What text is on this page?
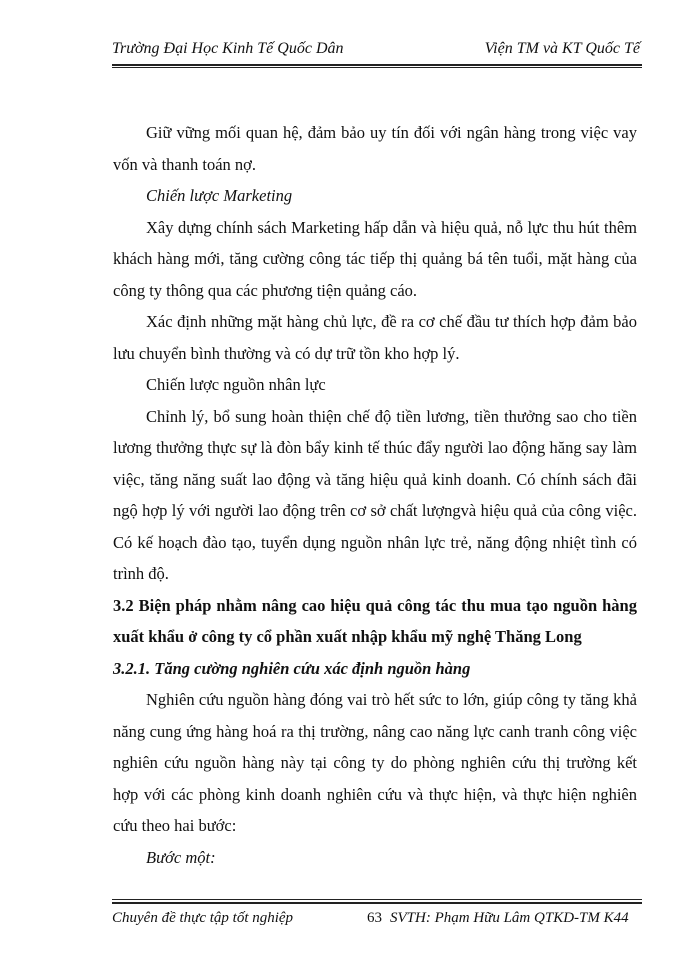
Trường Đại Học Kinh Tế Quốc Dân	Viện TM và KT Quốc Tế

Giữ vững mối quan hệ, đảm bảo uy tín đối với ngân hàng trong việc vay vốn và thanh toán nợ.

Chiến lược Marketing

Xây dựng chính sách Marketing hấp dẫn và hiệu quả, nỗ lực thu hút thêm khách hàng mới, tăng cường công tác tiếp thị quảng bá tên tuổi, mặt hàng của công ty thông qua các phương tiện quảng cáo.

Xác định những mặt hàng chủ lực, đề ra cơ chế đầu tư thích hợp đảm bảo lưu chuyển bình thường và có dự trữ tồn kho hợp lý.

Chiến lược nguồn nhân lực

Chỉnh lý, bổ sung hoàn thiện chế độ tiền lương, tiền thưởng sao cho tiền lương thưởng thực sự là đòn bẩy kinh tế thúc đẩy người lao động hăng say làm việc, tăng năng suất lao động và tăng hiệu quả kinh doanh. Có chính sách đãi ngộ hợp lý với người lao động trên cơ sở chất lượngvà hiệu quả của công việc. Có kế hoạch đào tạo, tuyển dụng nguồn nhân lực trẻ, năng động nhiệt tình có trình độ.

3.2 Biện pháp nhằm nâng cao hiệu quả công tác thu mua tạo nguồn hàng xuất khẩu ở công ty cổ phần xuất nhập khẩu mỹ nghệ Thăng Long

3.2.1. Tăng cường nghiên cứu xác định nguồn hàng

Nghiên cứu nguồn hàng đóng vai trò hết sức to lớn, giúp công ty tăng khả năng cung ứng hàng hoá ra thị trường, nâng cao năng lực canh tranh công việc nghiên cứu nguồn hàng này tại công ty do phòng nghiên cứu thị trường kết hợp với các phòng kinh doanh nghiên cứu và thực hiện, và thực hiện nghiên cứu theo hai bước:

Bước một:

Chuyên đề thực tập tốt nghiệp	63 SVTH: Phạm Hữu Lâm QTKD-TM K44
